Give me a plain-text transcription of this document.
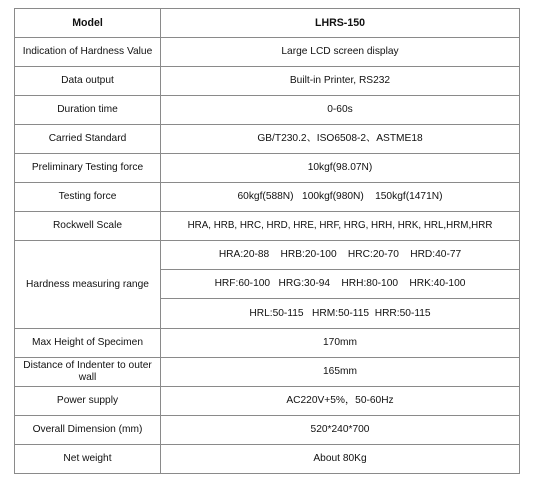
Model	LHRS-150
Indication of Hardness Value	Large LCD screen display
Data output	Built-in Printer, RS232
Duration time	0-60s
Carried Standard	GB/T230.2、ISO6508-2、ASTME18
Preliminary Testing force	10kgf(98.07N)
Testing force	60kgf(588N)   100kgf(980N)    150kgf(1471N)
Rockwell Scale	HRA, HRB, HRC, HRD, HRE, HRF, HRG, HRH, HRK, HRL,HRM,HRR
Hardness measuring range	HRA:20-88    HRB:20-100    HRC:20-70    HRD:40-77
HRF:60-100   HRG:30-94    HRH:80-100    HRK:40-100
HRL:50-115   HRM:50-115  HRR:50-115

Max Height of Specimen	170mm
Distance of Indenter to outer wall	165mm
Power supply	AC220V+5%，50-60Hz
Overall Dimension (mm)	520*240*700
Net weight	About 80Kg
